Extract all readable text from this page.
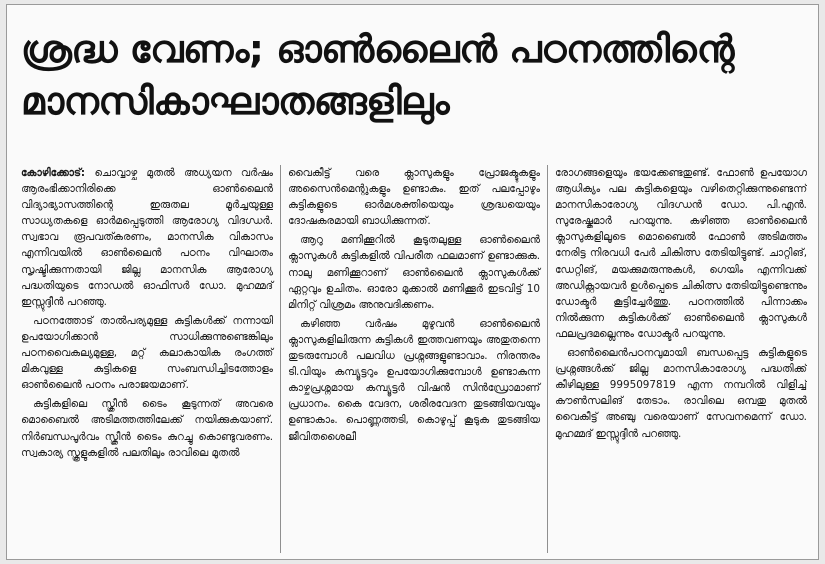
ശ്രദ്ധ വേണം; ഓൺലൈൻ പഠനത്തിന്റെ
മാനസികാഘാതങ്ങളിലും

കോഴിക്കോട്: ചൊവ്വാഴ്ച മുതൽ അധ്യയന വർഷം ആരംഭിക്കാനിരിക്കെ ഓൺലൈൻ വിദ്യാഭ്യാസത്തിന്റെ ഇരുതല മൂർച്ചയുള്ള സാധ്യതകളെ ഓർമപ്പെടുത്തി ആരോഗ്യ വിദഗ്ധർ. സ്വഭാവ രൂപവത്കരണം, മാനസിക വികാസം എന്നിവയിൽ ഓൺലൈൻ പഠനം വിഘാതം സൃഷ്ടിക്കുന്നതായി ജില്ല മാനസിക ആരോഗ്യ പദ്ധതിയുടെ നോഡൽ ഓഫിസർ ഡോ. മുഹമ്മദ് ഇസ്സുദ്ദീൻ പറഞ്ഞു.

പഠനത്തോട് താൽപര്യമുള്ള കുട്ടികൾക്ക് നന്നായി ഉപയോഗിക്കാൻ സാധിക്കുന്നുണ്ടെങ്കിലും പഠനവൈകല്യമുള്ള, മറ്റ് കലാകായിക രംഗത്ത് മികവുള്ള കുട്ടികളെ സംബന്ധിച്ചിടത്തോളം ഓൺലൈൻ പഠനം പരാജയമാണ്.

കുട്ടികളിലെ സ്ക്രീൻ ടൈം കൂടുന്നത് അവരെ മൊബൈൽ അടിമത്തത്തിലേക്ക് നയിക്കുകയാണ്. നിർബന്ധപൂർവം സ്ക്രീൻ ടൈം കുറച്ചു കൊണ്ടുവരണം. സ്വകാര്യ സ്കൂളുകളിൽ പലതിലും രാവിലെ മുതൽ

വൈകീട്ട് വരെ ക്ലാസുകളും പ്രോജക്ടുകളും അസൈൻമെന്റുകളും ഉണ്ടാകും. ഇത് പലപ്പോഴും കുട്ടികളുടെ ഓർമശക്തിയെയും ശ്രദ്ധയെയും ദോഷകരമായി ബാധിക്കുന്നത്.

ആറു മണിക്കൂറിൽ കൂടുതലുള്ള ഓൺലൈൻ ക്ലാസുകൾ കുട്ടികളിൽ വിപരീത ഫലമാണ് ഉണ്ടാക്കുക. നാലു മണിക്കൂറാണ് ഓൺലൈൻ ക്ലാസുകൾക്ക് ഏറ്റവും ഉചിതം. ഓരോ മുക്കാൽ മണിക്കൂർ ഇടവിട്ട് 10 മിനിറ്റ് വിശ്രമം അനുവദിക്കണം.

കഴിഞ്ഞ വർഷം മുഴുവൻ ഓൺലൈൻ ക്ലാസുകളിലിരുന്ന കുട്ടികൾ ഇത്തവണയും അതുതന്നെ തുടരുമ്പോൾ പലവിധ പ്രശ്നങ്ങളുണ്ടാവാം. നിരന്തരം ടി.വിയും കമ്പ്യൂട്ടറും ഉപയോഗിക്കുമ്പോൾ ഉണ്ടാകുന്ന കാഴ്ചപ്രശ്നമായ കമ്പ്യൂട്ടർ വിഷൻ സിൻഡ്രോമാണ് പ്രധാനം. കൈ വേദന, ശരീരവേദന തുടങ്ങിയവയും ഉണ്ടാകാം. പൊണ്ണത്തടി, കൊഴുപ്പ് കൂടുക തുടങ്ങിയ ജീവിതശൈലീ

രോഗങ്ങളെയും ഭയക്കേണ്ടതുണ്ട്. ഫോൺ ഉപയോഗ ആധിക്യം പല കുട്ടികളെയും വഴിതെറ്റിക്കുന്നുണ്ടെന്ന് മാനസികാരോഗ്യ വിദഗ്ധൻ ഡോ. പി.എൻ. സുരേഷ്കുമാർ പറയുന്നു. കഴിഞ്ഞ ഓൺലൈൻ ക്ലാസുകളിലൂടെ മൊബൈൽ ഫോൺ അടിമത്തം നേരിട്ട നിരവധി പേർ ചികിത്സ തേടിയിട്ടുണ്ട്. ചാറ്റിങ്, ഡേറ്റിങ്, മയക്കുമരുന്നുകൾ, ഗെയിം എന്നിവക്ക് അഡിക്റ്റായവർ ഉൾപ്പെടെ ചികിത്സ തേടിയിട്ടുണ്ടെന്നും ഡോക്ടർ കൂട്ടിച്ചേർത്തു. പഠനത്തിൽ പിന്നാക്കം നിൽക്കുന്ന കുട്ടികൾക്ക് ഓൺലൈൻ ക്ലാസുകൾ ഫലപ്രദമല്ലെന്നും ഡോക്ടർ പറയുന്നു.

ഓൺലൈൻപഠനവുമായി ബന്ധപ്പെട്ട കുട്ടികളുടെ പ്രശ്നങ്ങൾക്ക് ജില്ല മാനസികാരോഗ്യ പദ്ധതിക്ക് കീഴിലുള്ള 9995097819 എന്ന നമ്പറിൽ വിളിച്ച് കൗൺസലിങ് തേടാം. രാവിലെ ഒമ്പതു മുതൽ വൈകീട്ട് അഞ്ചു വരെയാണ് സേവനമെന്ന് ഡോ. മുഹമ്മദ് ഇസ്സുദ്ദീൻ പറഞ്ഞു.
